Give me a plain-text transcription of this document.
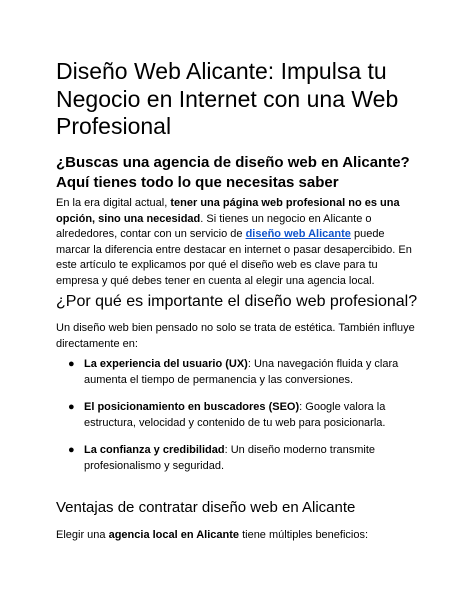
Diseño Web Alicante: Impulsa tu Negocio en Internet con una Web Profesional
¿Buscas una agencia de diseño web en Alicante? Aquí tienes todo lo que necesitas saber

En la era digital actual, tener una página web profesional no es una opción, sino una necesidad. Si tienes un negocio en Alicante o alrededores, contar con un servicio de diseño web Alicante puede marcar la diferencia entre destacar en internet o pasar desapercibido. En este artículo te explicamos por qué el diseño web es clave para tu empresa y qué debes tener en cuenta al elegir una agencia local.

¿Por qué es importante el diseño web profesional?

Un diseño web bien pensado no solo se trata de estética. También influye directamente en:

● La experiencia del usuario (UX): Una navegación fluida y clara aumenta el tiempo de permanencia y las conversiones.
● El posicionamiento en buscadores (SEO): Google valora la estructura, velocidad y contenido de tu web para posicionarla.
● La confianza y credibilidad: Un diseño moderno transmite profesionalismo y seguridad.
Ventajas de contratar diseño web en Alicante

Elegir una agencia local en Alicante tiene múltiples beneficios:
